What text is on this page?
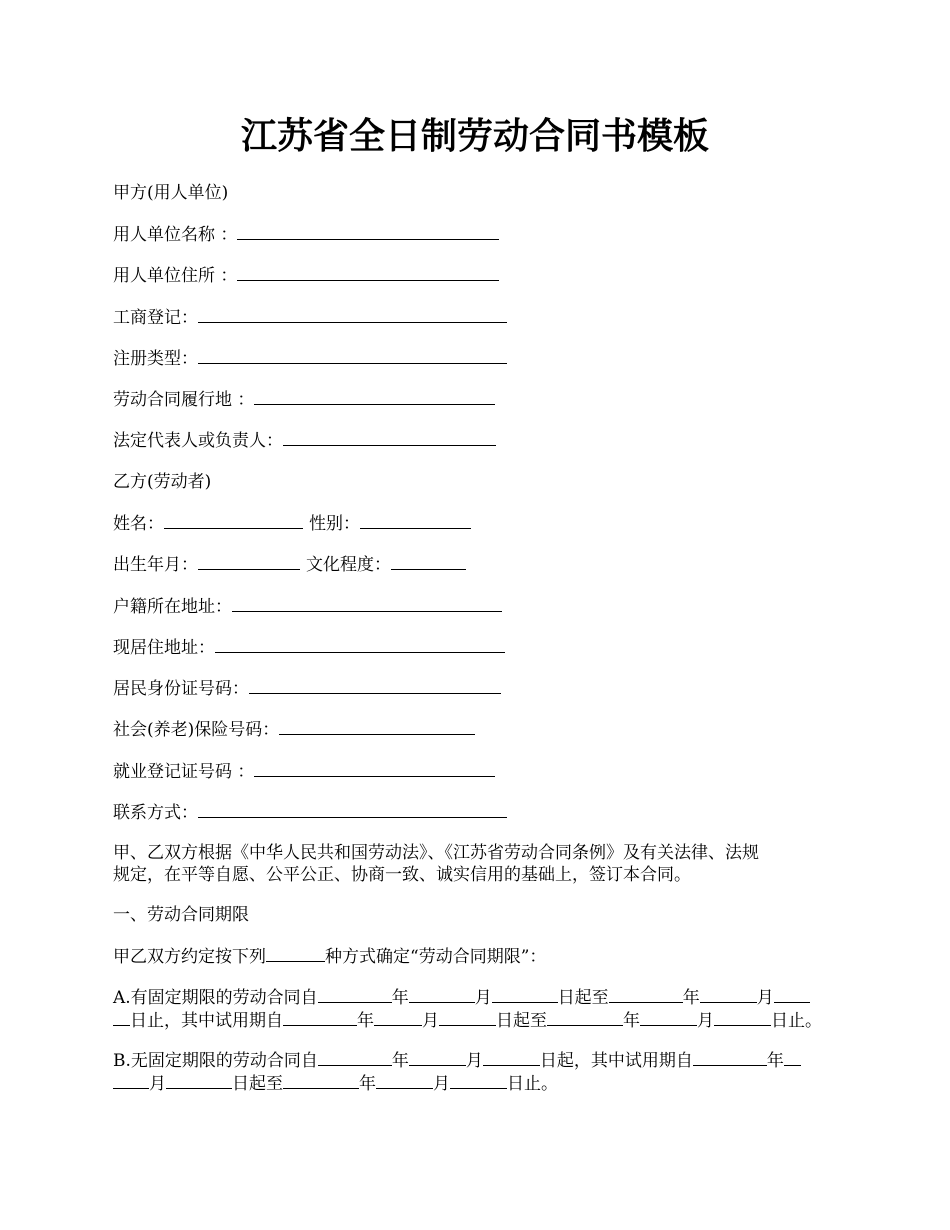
江苏省全日制劳动合同书模板
甲方(用人单位)
用人单位名称 ：
用人单位住所 ：
工商登记：
注册类型：
劳动合同履行地 ：
法定代表人或负责人：
乙方(劳动者)
姓名：	性别：
出生年月：	文化程度：
户籍所在地址：
现居住地址：
居民身份证号码：
社会(养老)保险号码：
就业登记证号码 ：
联系方式：
甲、乙双方根据《中华人民共和国劳动法》、《江苏省劳动合同条例》及有关法律、法规
规定，在平等自愿、公平公正、协商一致、诚实信用的基础上，签订本合同。
一、劳动合同期限
甲乙双方约定按下列	种方式确定“劳动合同期限”：
A.有固定期限的劳动合同自	年	月	日起至	年	月
日止，其中试用期自	年	月	日起至	年	月	日止。
B.无固定期限的劳动合同自	年	月	日起，其中试用期自	年
月	日起至	年	月	日止。
